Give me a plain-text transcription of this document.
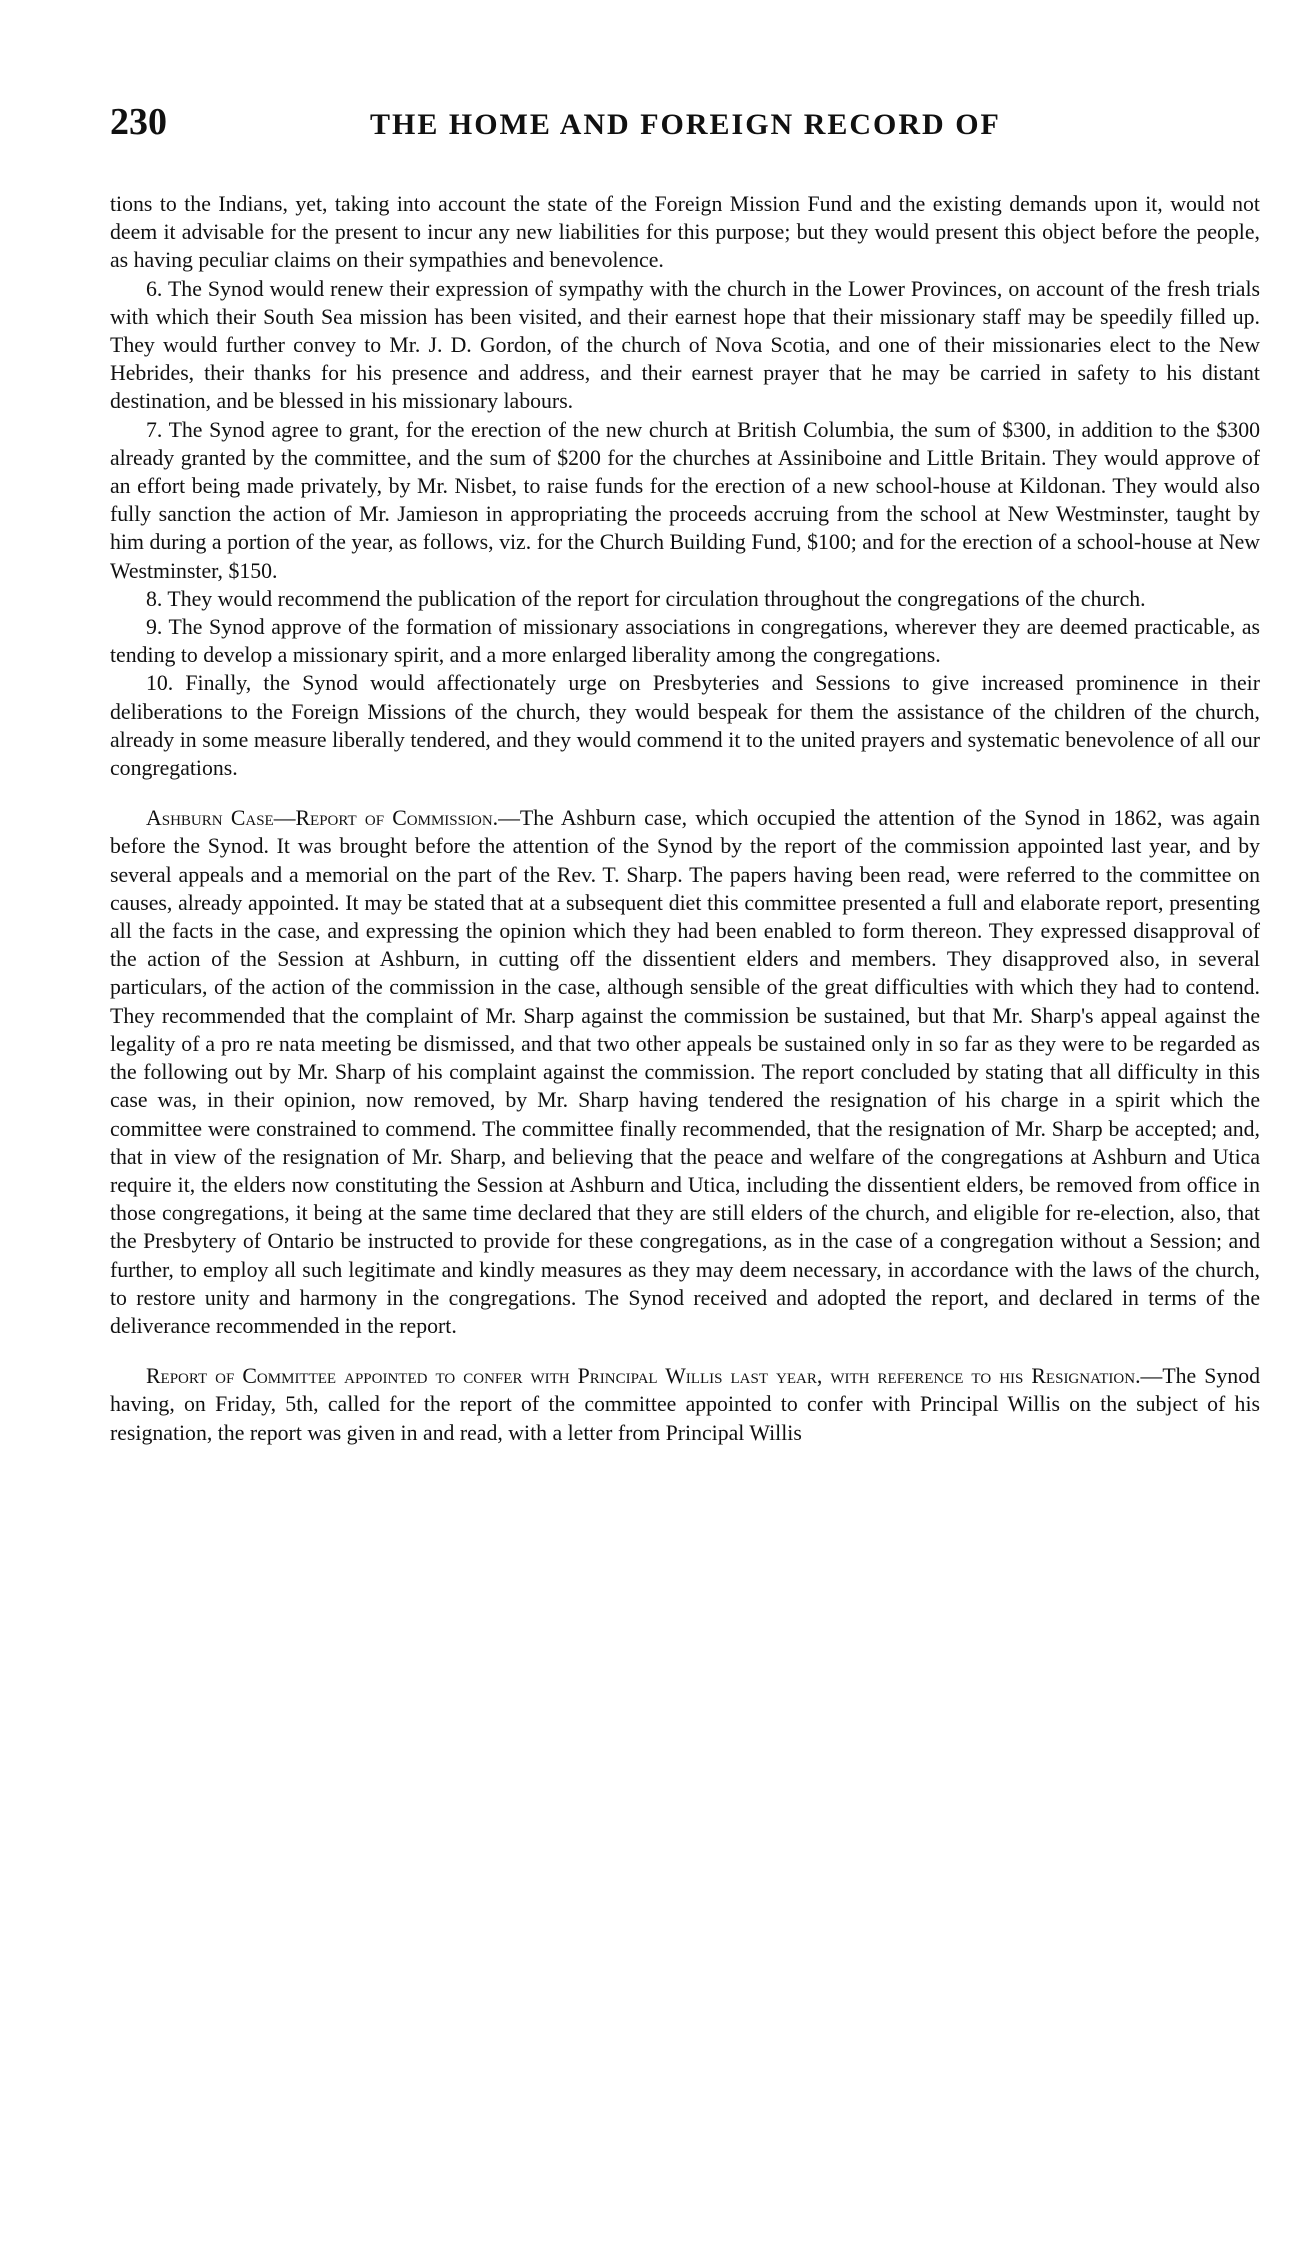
230	THE HOME AND FOREIGN RECORD OF

tions to the Indians, yet, taking into account the state of the Foreign Mission Fund and the existing demands upon it, would not deem it advisable for the present to incur any new liabilities for this purpose; but they would present this object before the people, as having peculiar claims on their sympathies and benevolence.

6. The Synod would renew their expression of sympathy with the church in the Lower Provinces, on account of the fresh trials with which their South Sea mission has been visited, and their earnest hope that their missionary staff may be speedily filled up. They would further convey to Mr. J. D. Gordon, of the church of Nova Scotia, and one of their missionaries elect to the New Hebrides, their thanks for his presence and address, and their earnest prayer that he may be carried in safety to his distant destination, and be blessed in his missionary labours.

7. The Synod agree to grant, for the erection of the new church at British Columbia, the sum of $300, in addition to the $300 already granted by the committee, and the sum of $200 for the churches at Assiniboine and Little Britain. They would approve of an effort being made privately, by Mr. Nisbet, to raise funds for the erection of a new school-house at Kildonan. They would also fully sanction the action of Mr. Jamieson in appropriating the proceeds accruing from the school at New Westminster, taught by him during a portion of the year, as follows, viz. for the Church Building Fund, $100; and for the erection of a school-house at New Westminster, $150.

8. They would recommend the publication of the report for circulation throughout the congregations of the church.

9. The Synod approve of the formation of missionary associations in congregations, wherever they are deemed practicable, as tending to develop a missionary spirit, and a more enlarged liberality among the congregations.

10. Finally, the Synod would affectionately urge on Presbyteries and Sessions to give increased prominence in their deliberations to the Foreign Missions of the church, they would bespeak for them the assistance of the children of the church, already in some measure liberally tendered, and they would commend it to the united prayers and systematic benevolence of all our congregations.

Ashburn Case—Report of Commission.—The Ashburn case, which occupied the attention of the Synod in 1862, was again before the Synod. It was brought before the attention of the Synod by the report of the commission appointed last year, and by several appeals and a memorial on the part of the Rev. T. Sharp. The papers having been read, were referred to the committee on causes, already appointed. It may be stated that at a subsequent diet this committee presented a full and elaborate report, presenting all the facts in the case, and expressing the opinion which they had been enabled to form thereon. They expressed disapproval of the action of the Session at Ashburn, in cutting off the dissentient elders and members. They disapproved also, in several particulars, of the action of the commission in the case, although sensible of the great difficulties with which they had to contend. They recommended that the complaint of Mr. Sharp against the commission be sustained, but that Mr. Sharp's appeal against the legality of a pro re nata meeting be dismissed, and that two other appeals be sustained only in so far as they were to be regarded as the following out by Mr. Sharp of his complaint against the commission. The report concluded by stating that all difficulty in this case was, in their opinion, now removed, by Mr. Sharp having tendered the resignation of his charge in a spirit which the committee were constrained to commend. The committee finally recommended, that the resignation of Mr. Sharp be accepted; and, that in view of the resignation of Mr. Sharp, and believing that the peace and welfare of the congregations at Ashburn and Utica require it, the elders now constituting the Session at Ashburn and Utica, including the dissentient elders, be removed from office in those congregations, it being at the same time declared that they are still elders of the church, and eligible for re-election, also, that the Presbytery of Ontario be instructed to provide for these congregations, as in the case of a congregation without a Session; and further, to employ all such legitimate and kindly measures as they may deem necessary, in accordance with the laws of the church, to restore unity and harmony in the congregations. The Synod received and adopted the report, and declared in terms of the deliverance recommended in the report.

Report of Committee appointed to confer with Principal Willis last year, with reference to his Resignation.—The Synod having, on Friday, 5th, called for the report of the committee appointed to confer with Principal Willis on the subject of his resignation, the report was given in and read, with a letter from Principal Willis
